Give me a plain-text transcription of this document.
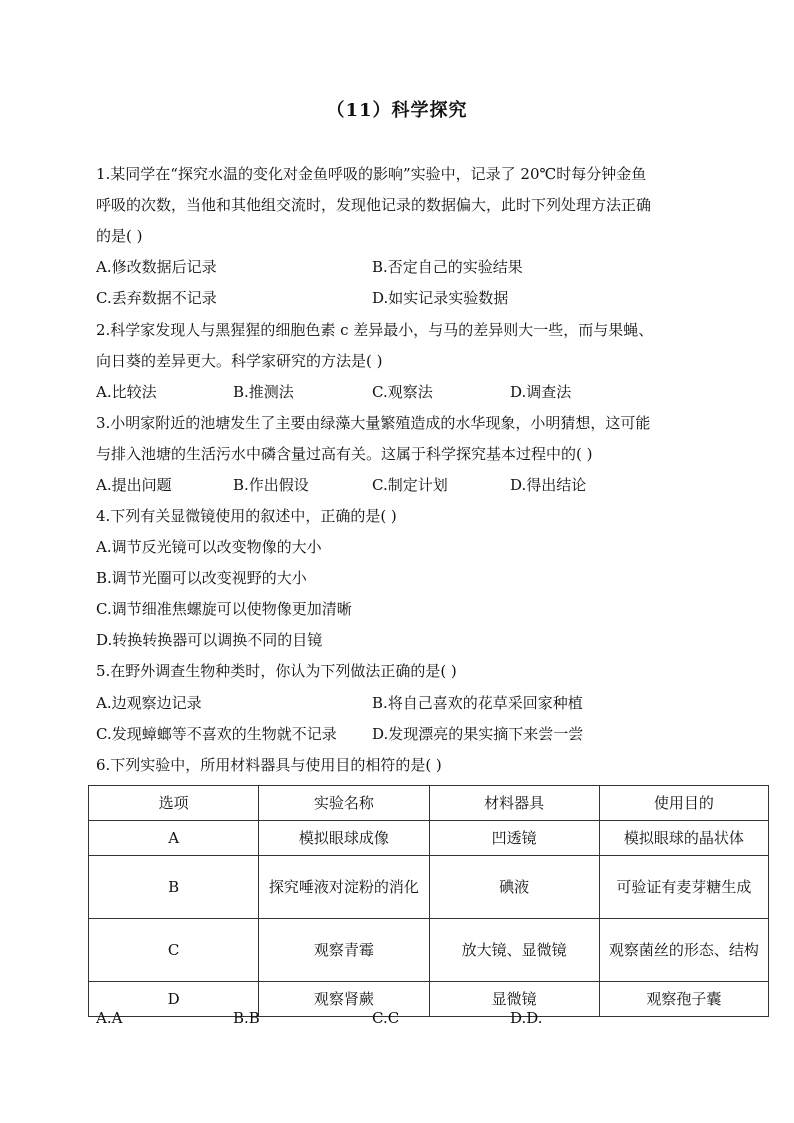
（11）科学探究
1.某同学在“探究水温的变化对金鱼呼吸的影响”实验中，记录了 20℃时每分钟金鱼
呼吸的次数，当他和其他组交流时，发现他记录的数据偏大，此时下列处理方法正确
的是( )
A.修改数据后记录	B.否定自己的实验结果
C.丢弃数据不记录	D.如实记录实验数据
2.科学家发现人与黑猩猩的细胞色素 c 差异最小，与马的差异则大一些，而与果蝇、
向日葵的差异更大。科学家研究的方法是( )
A.比较法	B.推测法	C.观察法	D.调查法
3.小明家附近的池塘发生了主要由绿藻大量繁殖造成的水华现象，小明猜想，这可能
与排入池塘的生活污水中磷含量过高有关。这属于科学探究基本过程中的( )
A.提出问题	B.作出假设	C.制定计划	D.得出结论
4.下列有关显微镜使用的叙述中，正确的是( )
A.调节反光镜可以改变物像的大小
B.调节光圈可以改变视野的大小
C.调节细准焦螺旋可以使物像更加清晰
D.转换转换器可以调换不同的目镜
5.在野外调查生物种类时，你认为下列做法正确的是( )
A.边观察边记录	B.将自己喜欢的花草采回家种植
C.发现蟑螂等不喜欢的生物就不记录 D.发现漂亮的果实摘下来尝一尝
6.下列实验中，所用材料器具与使用目的相符的是( )
选项	实验名称	材料器具	使用目的
A	模拟眼球成像	凹透镜	模拟眼球的晶状体
B	探究唾液对淀粉的消化	碘液	可验证有麦芽糖生成
C	观察青霉	放大镜、显微镜	观察菌丝的形态、结构
D	观察肾蕨	显微镜	观察孢子囊
A.A	B.B	C.C	D.D.
